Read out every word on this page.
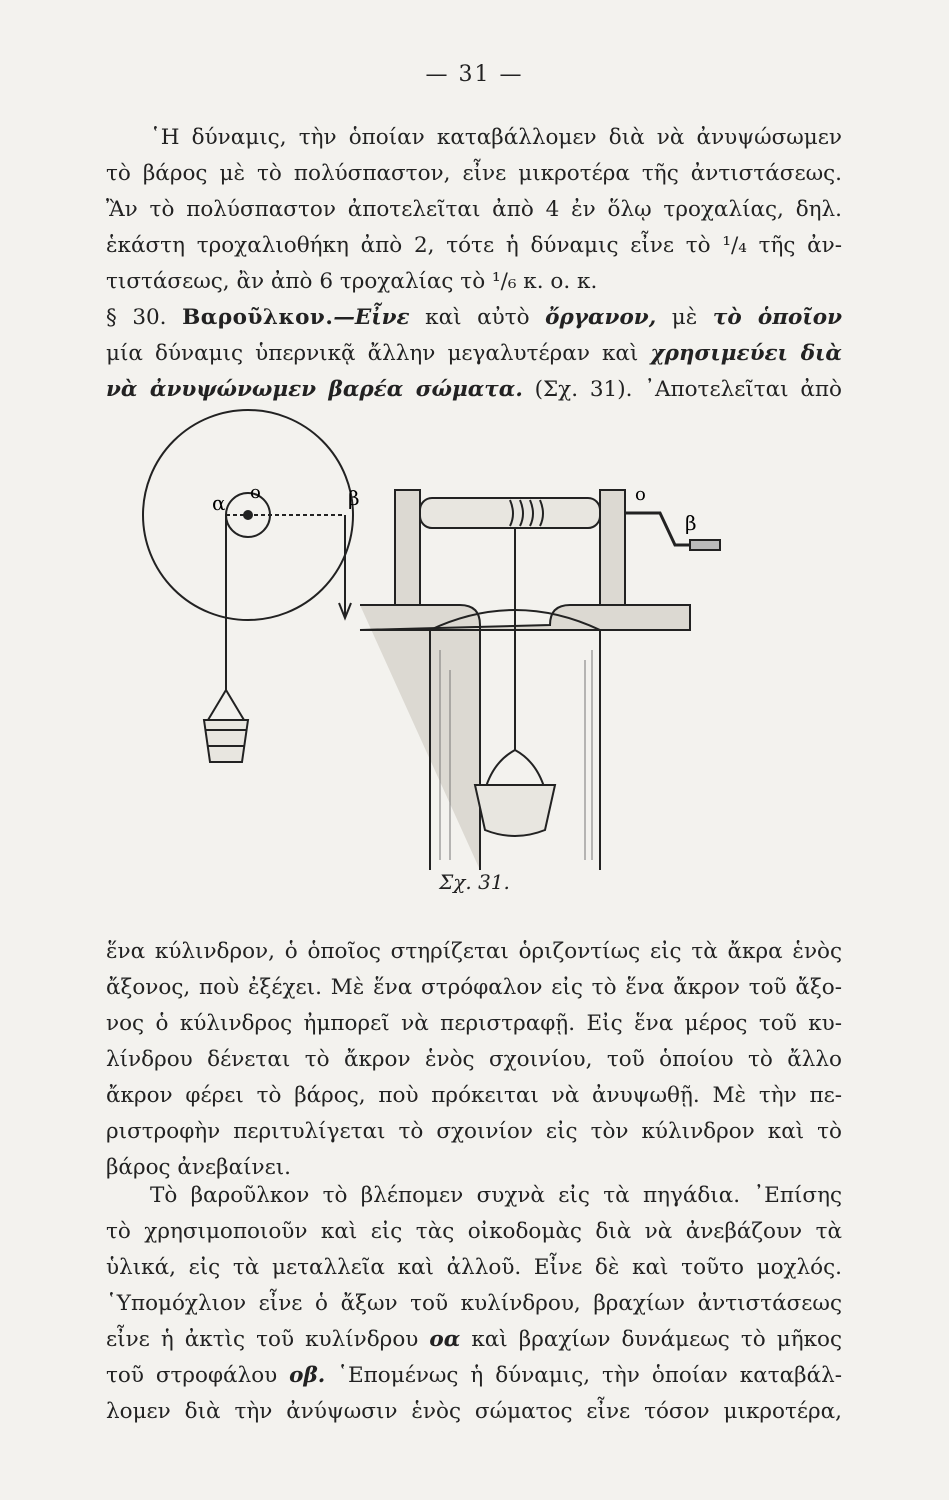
— 31 —
῾Η δύναμις, τὴν ὁποίαν καταβάλλομεν διὰ νὰ ἀνυψώσωμεν
τὸ βάρος μὲ τὸ πολύσπαστον, εἶνε μικροτέρα τῆς ἀντιστάσεως.
Ἂν τὸ πολύσπαστον ἀποτελεῖται ἀπὸ 4 ἐν ὅλῳ τροχαλίας, δηλ.
ἑκάστη τροχαλιοθήκη ἀπὸ 2, τότε ἡ δύναμις εἶνε τὸ ¹/₄ τῆς ἀν-
τιστάσεως, ἂν ἀπὸ 6 τροχαλίας τὸ ¹/₆ κ. ο. κ.
§ 30. Βαροῦλκον.—Εἶνε καὶ αὐτὸ ὄργανον, μὲ τὸ ὁποῖον
μία δύναμις ὑπερνικᾷ ἄλλην μεγαλυτέραν καὶ χρησιμεύει διὰ
νὰ ἀνυψώνωμεν βαρέα σώματα. (Σχ. 31). ᾿Αποτελεῖται ἀπὸ
α ο	β	ο
β
Σχ. 31.
ἕνα κύλινδρον, ὁ ὁποῖος στηρίζεται ὁριζοντίως εἰς τὰ ἄκρα ἑνὸς
ἄξονος, ποὺ ἐξέχει. Μὲ ἕνα στρόφαλον εἰς τὸ ἕνα ἄκρον τοῦ ἄξο-
νος ὁ κύλινδρος ἠμπορεῖ νὰ περιστραφῇ. Εἰς ἕνα μέρος τοῦ κυ-
λίνδρου δένεται τὸ ἄκρον ἑνὸς σχοινίου, τοῦ ὁποίου τὸ ἄλλο
ἄκρον φέρει τὸ βάρος, ποὺ πρόκειται νὰ ἀνυψωθῇ. Μὲ τὴν πε-
ριστροφὴν περιτυλίγεται τὸ σχοινίον εἰς τὸν κύλινδρον καὶ τὸ
βάρος ἀνεβαίνει.
Τὸ βαροῦλκον τὸ βλέπομεν συχνὰ εἰς τὰ πηγάδια. ᾿Επίσης
τὸ χρησιμοποιοῦν καὶ εἰς τὰς οἰκοδομὰς διὰ νὰ ἀνεβάζουν τὰ
ὑλικά, εἰς τὰ μεταλλεῖα καὶ ἀλλοῦ. Εἶνε δὲ καὶ τοῦτο μοχλός.
῾Υπομόχλιον εἶνε ὁ ἄξων τοῦ κυλίνδρου, βραχίων ἀντιστάσεως
εἶνε ἡ ἀκτὶς τοῦ κυλίνδρου οα καὶ βραχίων δυνάμεως τὸ μῆκος
τοῦ στροφάλου οβ. ῾Επομένως ἡ δύναμις, τὴν ὁποίαν καταβάλ-
λομεν διὰ τὴν ἀνύψωσιν ἑνὸς σώματος εἶνε τόσον μικροτέρα,
